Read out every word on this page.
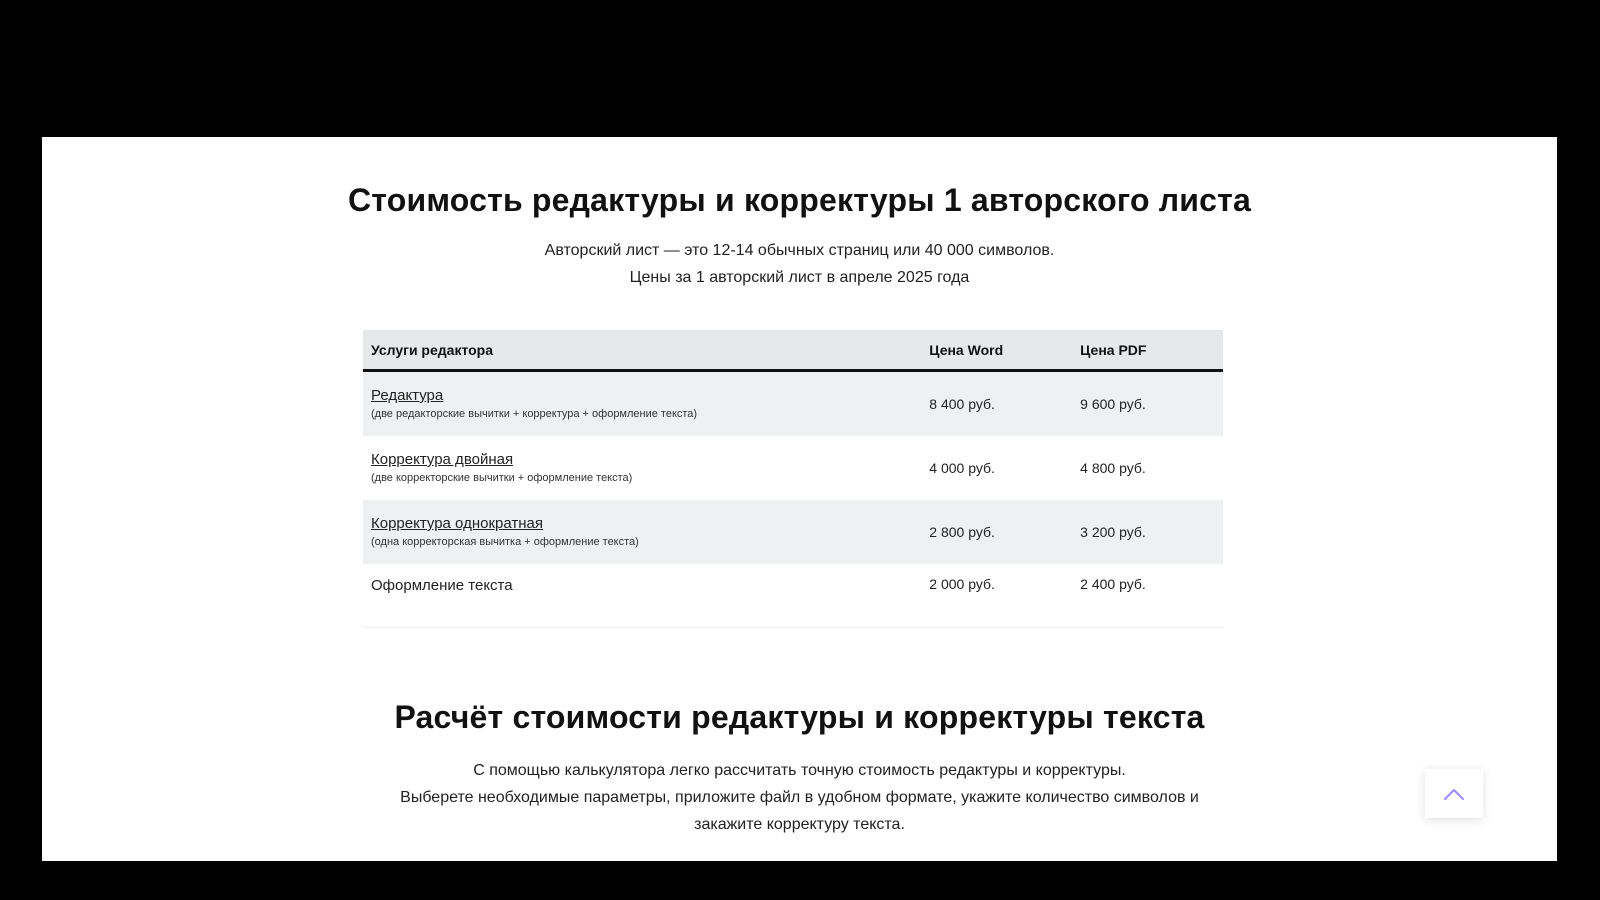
Стоимость редактуры и корректуры 1 авторского листа
Авторский лист — это 12-14 обычных страниц или 40 000 символов.
Цены за 1 авторский лист в апреле 2025 года
Услуги редактора	Цена Word	Цена PDF

Редактура
(две редакторские вычитки + корректура + оформление текста)	8 400 руб.	9 600 руб.

Корректура двойная
(две корректорские вычитки + оформление текста)	4 000 руб.	4 800 руб.

Корректура однократная
(одна корректорская вычитка + оформление текста)	2 800 руб.	3 200 руб.

Оформление текста	2 000 руб.	2 400 руб.
Расчёт стоимости редактуры и корректуры текста
С помощью калькулятора легко рассчитать точную стоимость редактуры и корректуры.
Выберете необходимые параметры, приложите файл в удобном формате, укажите количество символов и
закажите корректуру текста.
